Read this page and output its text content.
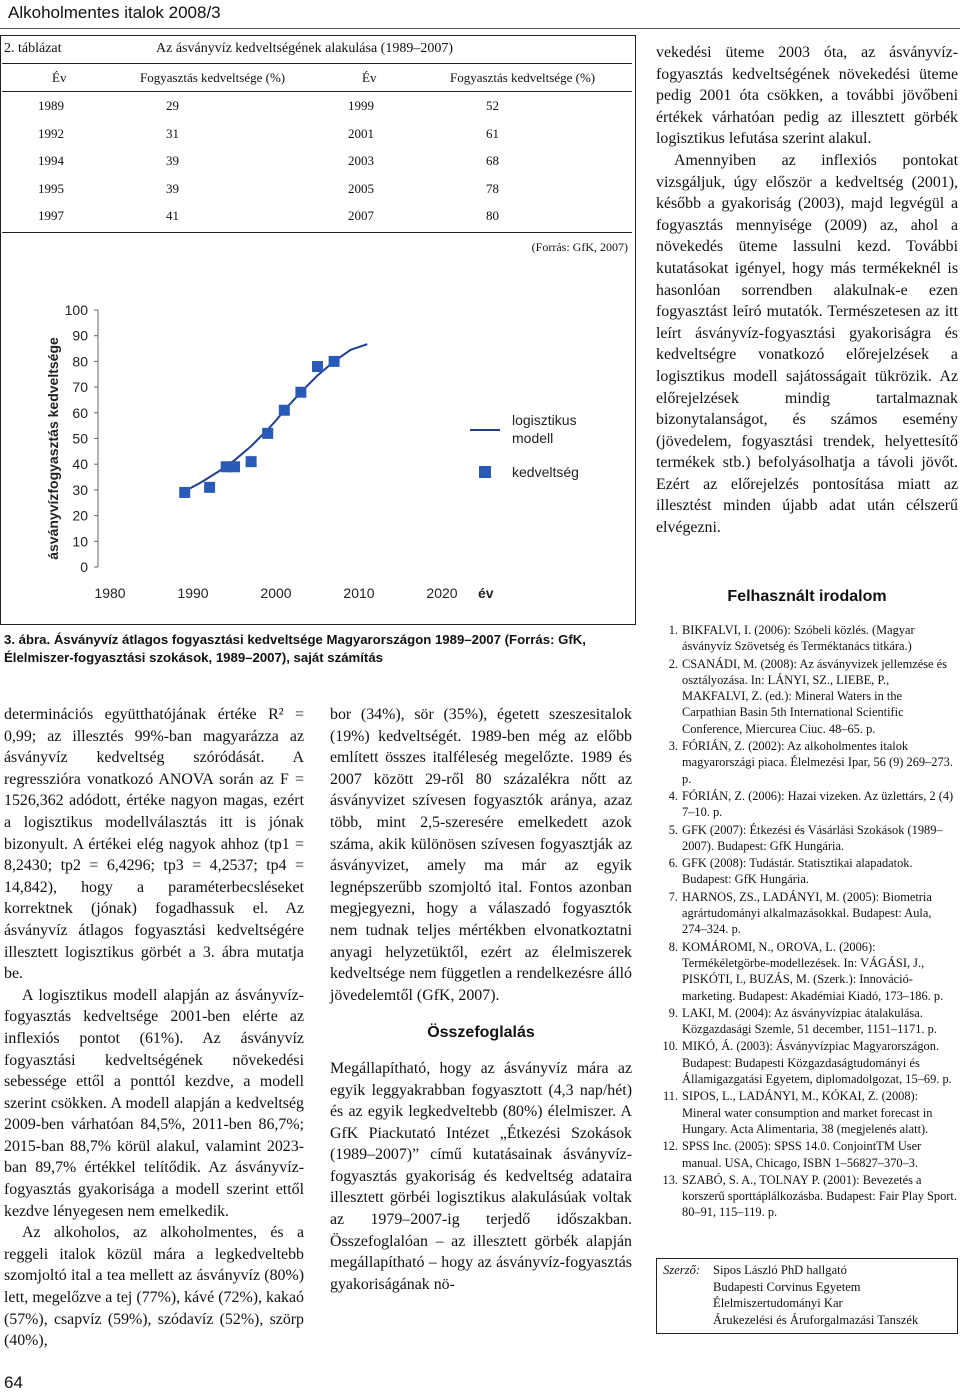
Alkoholmentes italok 2008/3
2. táblázat	Az ásványvíz kedveltségének alakulása (1989–2007)
Év	Fogyasztás kedveltsége (%)	Év	Fogyasztás kedveltsége (%)
1989	29	1999	52
1992	31	2001	61
1994	39	2003	68
1995	39	2005	78
1997	41	2007	80
(Forrás: GfK, 2007)
0
10
20
30
40
50
60
70
80
90
100
1980	1990	2000	2010	2020 év
ásványvízfogyasztás kedveltsége	logisztikus modell
kedveltség
3. ábra. Ásványvíz átlagos fogyasztási kedveltsége Magyarországon 1989–2007 (Forrás: GfK, Élelmiszer-fogyasztási szokások, 1989–2007), saját számítás

determinációs együtthatójának értéke R² = 0,99; az illesztés 99%-ban magyarázza az ásványvíz kedveltség szóródását. A regresszióra vonatkozó ANOVA során az F = 1526,362 adódott, értéke nagyon magas, ezért a logisztikus modellválasztás itt is jónak bizonyult. A értékei elég nagyok ahhoz (tp1 = 8,2430; tp2 = 6,4296; tp3 = 4,2537; tp4 = 14,842), hogy a paraméterbecsléseket korrektnek (jónak) fogadhassuk el. Az ásványvíz átlagos fogyasztási kedveltségére illesztett logisztikus görbét a 3. ábra mutatja be.

A logisztikus modell alapján az ásványvíz-fogyasztás kedveltsége 2001-ben elérte az inflexiós pontot (61%). Az ásványvíz fogyasztási kedveltségének növekedési sebessége ettől a ponttól kezdve, a modell szerint csökken. A modell alapján a kedveltség 2009-ben várhatóan 84,5%, 2011-ben 86,7%; 2015-ban 88,7% körül alakul, valamint 2023-ban 89,7% értékkel telítődik. Az ásványvíz-fogyasztás gyakorisága a modell szerint ettől kezdve lényegesen nem emelkedik.

Az alkoholos, az alkoholmentes, és a reggeli italok közül mára a legkedveltebb szomjoltó ital a tea mellett az ásványvíz (80%) lett, megelőzve a tej (77%), kávé (72%), kakaó (57%), csapvíz (59%), szódavíz (52%), szörp (40%),

bor (34%), sör (35%), égetett szeszesitalok (19%) kedveltségét. 1989-ben még az előbb említett összes italféleség megelőzte. 1989 és 2007 között 29-ről 80 százalékra nőtt az ásványvizet szívesen fogyasztók aránya, azaz több, mint 2,5-szeresére emelkedett azok száma, akik különösen szívesen fogyasztják az ásványvizet, amely ma már az egyik legnépszerűbb szomjoltó ital. Fontos azonban megjegyezni, hogy a válaszadó fogyasztók nem tudnak teljes mértékben elvonatkoztatni anyagi helyzetüktől, ezért az élelmiszerek kedveltsége nem független a rendelkezésre álló jövedelemtől (GfK, 2007).

Összefoglalás

Megállapítható, hogy az ásványvíz mára az egyik leggyakrabban fogyasztott (4,3 nap/hét) és az egyik legkedveltebb (80%) élelmiszer. A GfK Piackutató Intézet „Étkezési Szokások (1989–2007)” című kutatásainak ásványvíz-fogyasztás gyakoriság és kedveltség adataira illesztett görbéi logisztikus alakulásúak voltak az 1979–2007-ig terjedő időszakban. Összefoglalóan – az illesztett görbék alapján megállapítható – hogy az ásványvíz-fogyasztás gyakoriságának nö-

vekedési üteme 2003 óta, az ásványvíz-fogyasztás kedveltségének növekedési üteme pedig 2001 óta csökken, a további jövőbeni értékek várhatóan pedig az illesztett görbék logisztikus lefutása szerint alakul.

Amennyiben az inflexiós pontokat vizsgáljuk, úgy először a kedveltség (2001), később a gyakoriság (2003), majd legvégül a fogyasztás mennyisége (2009) az, ahol a növekedés üteme lassulni kezd. További kutatásokat igényel, hogy más termékeknél is hasonlóan sorrendben alakulnak-e ezen fogyasztást leíró mutatók. Természetesen az itt leírt ásványvíz-fogyasztási gyakoriságra és kedveltségre vonatkozó előrejelzések a logisztikus modell sajátosságait tükrözik. Az előrejelzések mindig tartalmaznak bizonytalanságot, és számos esemény (jövedelem, fogyasztási trendek, helyettesítő termékek stb.) befolyásolhatja a távoli jövőt. Ezért az előrejelzés pontosítása miatt az illesztést minden újabb adat után célszerű elvégezni.

Felhasznált irodalom
1. BIKFALVI, I. (2006): Szóbeli közlés. (Magyar ásványvíz Szövetség és Terméktanács titkára.)
2. CSANÁDI, M. (2008): Az ásványvizek jellemzése és osztályozása. In: LÁNYI, SZ., LIEBE, P., MAKFALVI, Z. (ed.): Mineral Waters in the Carpathian Basin 5th International Scientific Conference, Miercurea Ciuc. 48–65. p.
3. FÓRIÁN, Z. (2002): Az alkoholmentes italok magyarországi piaca. Élelmezési Ipar, 56 (9) 269–273. p.
4. FÓRIÁN, Z. (2006): Hazai vizeken. Az üzlettárs, 2 (4) 7–10. p.
5. GFK (2007): Étkezési és Vásárlási Szokások (1989–2007). Budapest: GfK Hungária.
6. GFK (2008): Tudástár. Statisztikai alapadatok. Budapest: GfK Hungária.
7. HARNOS, ZS., LADÁNYI, M. (2005): Biometria agrártudományi alkalmazásokkal. Budapest: Aula, 274–324. p.
8. KOMÁROMI, N., OROVA, L. (2006): Termékéletgörbe-modellezések. In: VÁGÁSI, J., PISKÓTI, I., BUZÁS, M. (Szerk.): Innováció-marketing. Budapest: Akadémiai Kiadó, 173–186. p.
9. LAKI, M. (2004): Az ásványvízpiac átalakulása. Közgazdasági Szemle, 51 december, 1151–1171. p.
10. MIKÓ, Á. (2003): Ásványvízpiac Magyarországon. Budapest: Budapesti Közgazdaságtudományi és Államigazgatási Egyetem, diplomadolgozat, 15–69. p.
11. SIPOS, L., LADÁNYI, M., KÓKAI, Z. (2008): Mineral water consumption and market forecast in Hungary. Acta Alimentaria, 38 (megjelenés alatt).
12. SPSS Inc. (2005): SPSS 14.0. ConjointTM User manual. USA, Chicago, ISBN 1–56827–370–3.
13. SZABÓ, S. A., TOLNAY P. (2001): Bevezetés a korszerű sporttáplálkozásba. Budapest: Fair Play Sport. 80–91, 115–119. p.
Szerző: Sipos László PhD hallgató
Budapesti Corvinus Egyetem
Élelmiszertudományi Kar
Árukezelési és Áruforgalmazási Tanszék
64
